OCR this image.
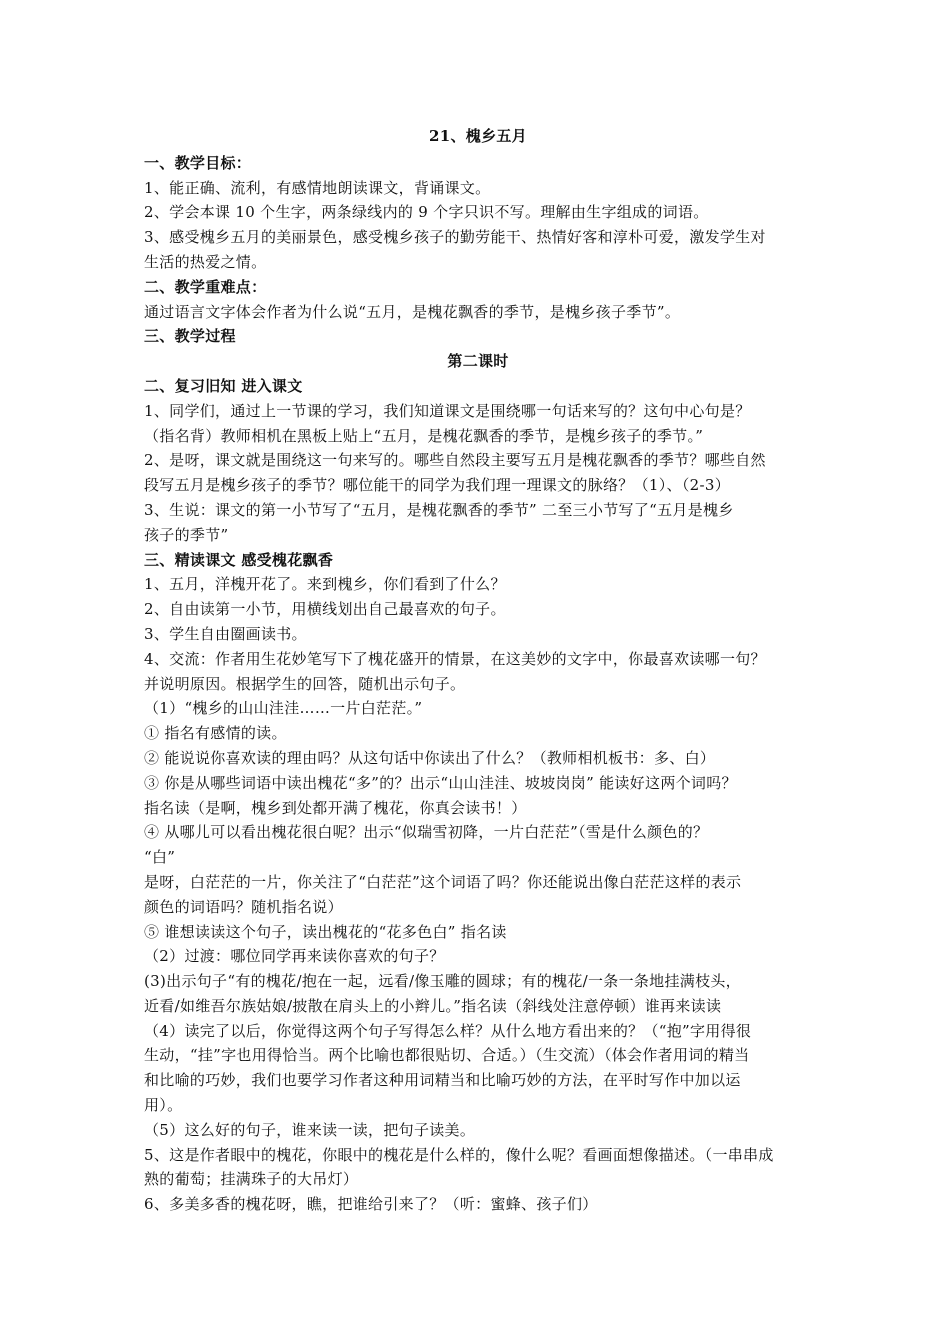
21、槐乡五月
一、教学目标：
1、能正确、流利，有感情地朗读课文，背诵课文。
2、学会本课 10 个生字，两条绿线内的 9 个字只识不写。理解由生字组成的词语。
3、感受槐乡五月的美丽景色，感受槐乡孩子的勤劳能干、热情好客和淳朴可爱，激发学生对
生活的热爱之情。
二、教学重难点：
通过语言文字体会作者为什么说“五月，是槐花飘香的季节，是槐乡孩子季节”。
三、教学过程
第二课时
二、复习旧知 进入课文
1、同学们，通过上一节课的学习，我们知道课文是围绕哪一句话来写的？这句中心句是？
（指名背）教师相机在黑板上贴上“五月，是槐花飘香的季节，是槐乡孩子的季节。”
2、是呀，课文就是围绕这一句来写的。哪些自然段主要写五月是槐花飘香的季节？哪些自然
段写五月是槐乡孩子的季节？哪位能干的同学为我们理一理课文的脉络？（1）、（2-3）
3、生说：课文的第一小节写了“五月，是槐花飘香的季节” 二至三小节写了“五月是槐乡
孩子的季节”
三、精读课文 感受槐花飘香
1、五月，洋槐开花了。来到槐乡，你们看到了什么？
2、自由读第一小节，用横线划出自己最喜欢的句子。
3、学生自由圈画读书。
4、交流：作者用生花妙笔写下了槐花盛开的情景，在这美妙的文字中，你最喜欢读哪一句？
并说明原因。根据学生的回答，随机出示句子。
（1）“槐乡的山山洼洼……一片白茫茫。”
① 指名有感情的读。
② 能说说你喜欢读的理由吗？从这句话中你读出了什么？（教师相机板书：多、白）
③ 你是从哪些词语中读出槐花“多”的？出示“山山洼洼、坡坡岗岗” 能读好这两个词吗？
指名读（是啊，槐乡到处都开满了槐花，你真会读书！）
④ 从哪儿可以看出槐花很白呢？出示“似瑞雪初降，一片白茫茫”（雪是什么颜色的？
“白”
是呀，白茫茫的一片，你关注了“白茫茫”这个词语了吗？你还能说出像白茫茫这样的表示
颜色的词语吗？随机指名说）
⑤ 谁想读读这个句子，读出槐花的“花多色白” 指名读
（2）过渡：哪位同学再来读你喜欢的句子？
(3)出示句子“有的槐花/抱在一起，远看/像玉雕的圆球；有的槐花/一条一条地挂满枝头，
近看/如维吾尔族姑娘/披散在肩头上的小辫儿。”指名读（斜线处注意停顿）谁再来读读
（4）读完了以后，你觉得这两个句子写得怎么样？从什么地方看出来的？（“抱”字用得很
生动，“挂”字也用得恰当。两个比喻也都很贴切、合适。）（生交流）（体会作者用词的精当
和比喻的巧妙，我们也要学习作者这种用词精当和比喻巧妙的方法，在平时写作中加以运
用）。
（5）这么好的句子，谁来读一读，把句子读美。
5、这是作者眼中的槐花，你眼中的槐花是什么样的，像什么呢？看画面想像描述。（一串串成
熟的葡萄；挂满珠子的大吊灯）
6、多美多香的槐花呀，瞧，把谁给引来了？（听：蜜蜂、孩子们）
